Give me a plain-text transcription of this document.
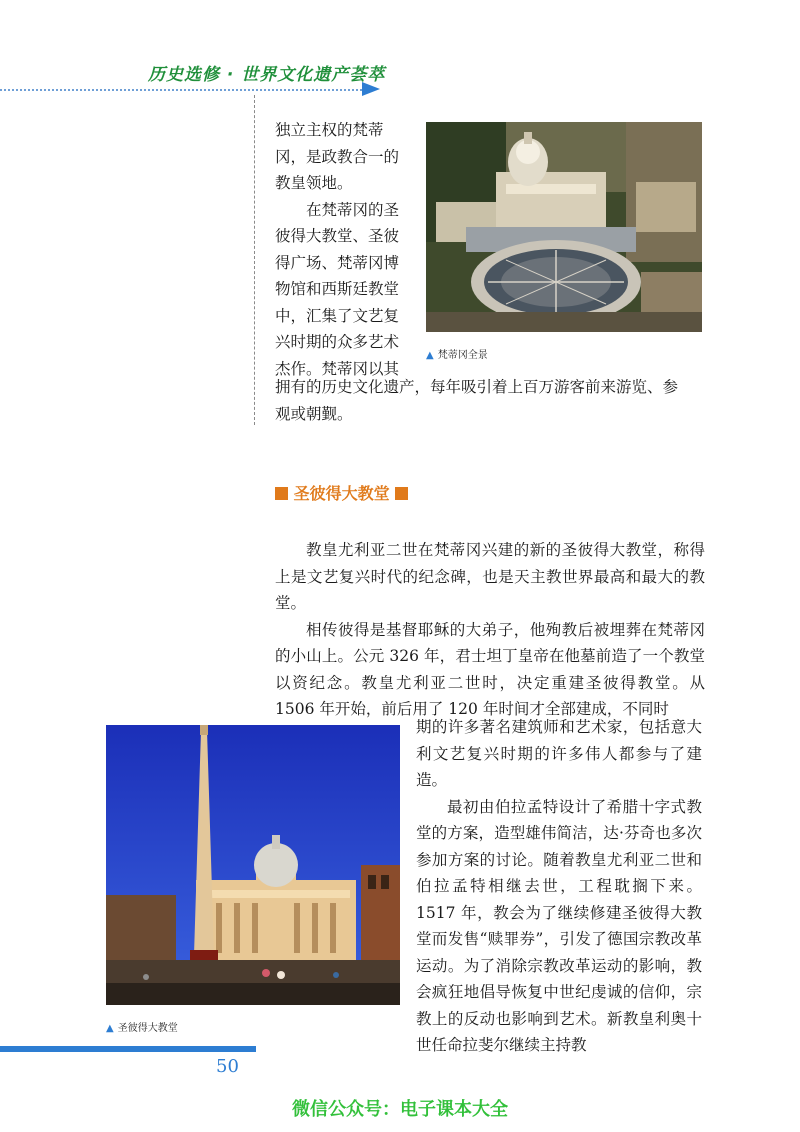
历史选修 · 世界文化遗产荟萃

独立主权的梵蒂
冈，是政教合一的
教皇领地。

在梵蒂冈的圣
彼得大教堂、圣彼
得广场、梵蒂冈博
物馆和西斯廷教堂
中，汇集了文艺复
兴时期的众多艺术
杰作。梵蒂冈以其

拥有的历史文化遗产，每年吸引着上百万游客前来游览、参
观或朝觐。

▲ 梵蒂冈全景
圣彼得大教堂

教皇尤利亚二世在梵蒂冈兴建的新的圣彼得大教堂，称得上是文艺复兴时代的纪念碑，也是天主教世界最高和最大的教堂。

相传彼得是基督耶稣的大弟子，他殉教后被埋葬在梵蒂冈的小山上。公元 326 年，君士坦丁皇帝在他墓前造了一个教堂以资纪念。教皇尤利亚二世时，决定重建圣彼得教堂。从 1506 年开始，前后用了 120 年时间才全部建成，不同时

期的许多著名建筑师和艺术家，包括意大利文艺复兴时期的许多伟人都参与了建造。

最初由伯拉孟特设计了希腊十字式教堂的方案，造型雄伟简洁，达·芬奇也多次参加方案的讨论。随着教皇尤利亚二世和伯拉孟特相继去世，工程耽搁下来。1517 年，教会为了继续修建圣彼得大教堂而发售“赎罪券”，引发了德国宗教改革运动。为了消除宗教改革运动的影响，教会疯狂地倡导恢复中世纪虔诚的信仰，宗教上的反动也影响到艺术。新教皇利奥十世任命拉斐尔继续主持教

▲ 圣彼得大教堂
50
微信公众号：电子课本大全
